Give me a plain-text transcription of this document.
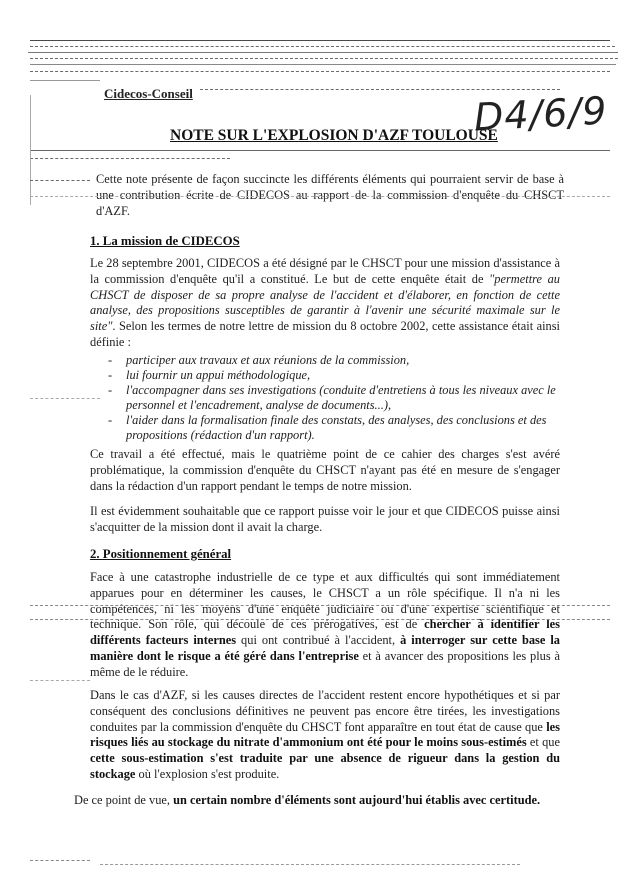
Cidecos-Conseil	D4/6/9
NOTE SUR L'EXPLOSION D'AZF TOULOUSE
Cette note présente de façon succincte les différents éléments qui pourraient servir de base à une contribution écrite de CIDECOS au rapport de la commission d'enquête du CHSCT d'AZF.
1. La mission de CIDECOS
Le 28 septembre 2001, CIDECOS a été désigné par le CHSCT pour une mission d'assistance à la commission d'enquête qu'il a constitué. Le but de cette enquête était de "permettre au CHSCT de disposer de sa propre analyse de l'accident et d'élaborer, en fonction de cette analyse, des propositions susceptibles de garantir à l'avenir une sécurité maximale sur le site". Selon les termes de notre lettre de mission du 8 octobre 2002, cette assistance était ainsi définie :
- participer aux travaux et aux réunions de la commission,
- lui fournir un appui méthodologique,
- l'accompagner dans ses investigations (conduite d'entretiens à tous les niveaux avec le personnel et l'encadrement, analyse de documents...),
- l'aider dans la formalisation finale des constats, des analyses, des conclusions et des propositions (rédaction d'un rapport).
Ce travail a été effectué, mais le quatrième point de ce cahier des charges s'est avéré problématique, la commission d'enquête du CHSCT n'ayant pas été en mesure de s'engager dans la rédaction d'un rapport pendant le temps de notre mission.
Il est évidemment souhaitable que ce rapport puisse voir le jour et que CIDECOS puisse ainsi s'acquitter de la mission dont il avait la charge.
2. Positionnement général
Face à une catastrophe industrielle de ce type et aux difficultés qui sont immédiatement apparues pour en déterminer les causes, le CHSCT a un rôle spécifique. Il n'a ni les compétences, ni les moyens d'une enquête judiciaire ou d'une expertise scientifique et technique. Son rôle, qui découle de ces prérogatives, est de chercher à identifier les différents facteurs internes qui ont contribué à l'accident, à interroger sur cette base la manière dont le risque a été géré dans l'entreprise et à avancer des propositions les plus à même de le réduire.
Dans le cas d'AZF, si les causes directes de l'accident restent encore hypothétiques et si par conséquent des conclusions définitives ne peuvent pas encore être tirées, les investigations conduites par la commission d'enquête du CHSCT font apparaître en tout état de cause que les risques liés au stockage du nitrate d'ammonium ont été pour le moins sous-estimés et que cette sous-estimation s'est traduite par une absence de rigueur dans la gestion du stockage où l'explosion s'est produite.
De ce point de vue, un certain nombre d'éléments sont aujourd'hui établis avec certitude.
